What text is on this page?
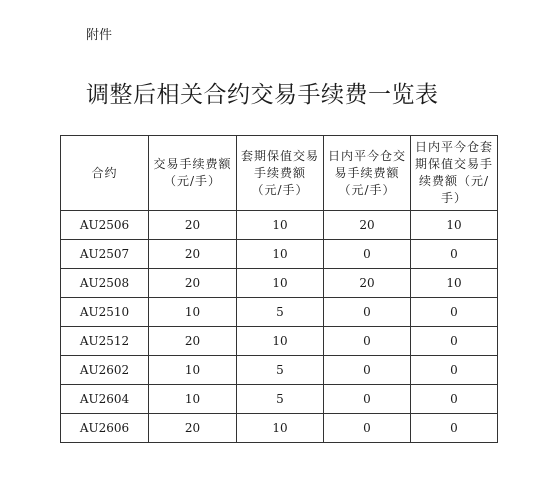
附件
调整后相关合约交易手续费一览表
合约	交易手续费额（元/手）	套期保值交易手续费额（元/手）	日内平今仓交易手续费额（元/手）	日内平今仓套期保值交易手续费额（元/手）
AU2506	20	10	20	10
AU2507	20	10	0	0
AU2508	20	10	20	10
AU2510	10	5	0	0
AU2512	20	10	0	0
AU2602	10	5	0	0
AU2604	10	5	0	0
AU2606	20	10	0	0
